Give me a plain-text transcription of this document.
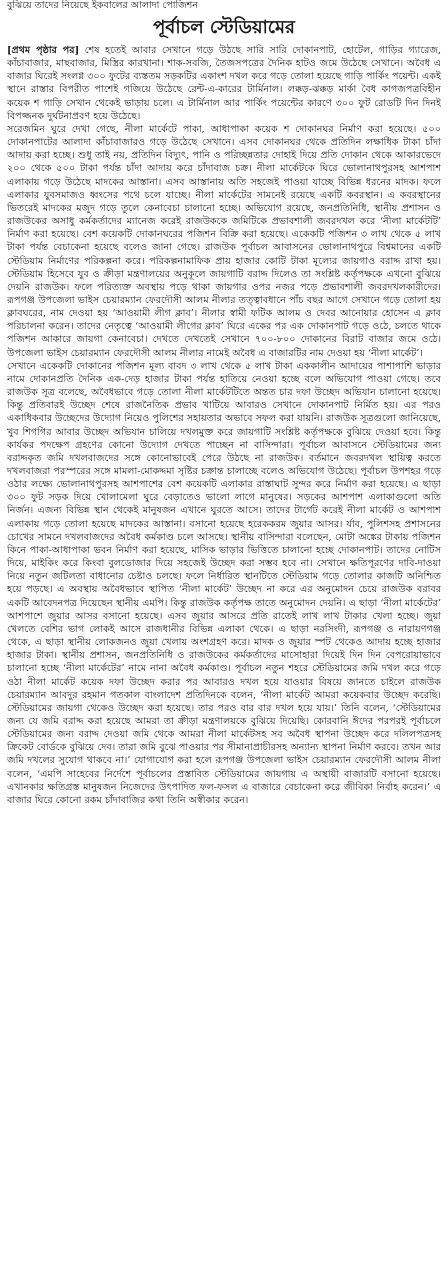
বুঝিয়ে তাদের নিয়েছে ইকবালের আলাদা পোজিশন
পূর্বাচল স্টেডিয়ামের

[প্রথম পৃষ্ঠার পর] শেষ হতেই আবার সেখানে গড়ে উঠছে সারি সারি দোকানপাট, হোটেল, গাড়ির গ্যারেজ, কাঁচাবাজার, মাছবাজার, মিস্ত্রির কারখানা। শাক-সবজি, তৈজসপত্রের দৈনিক হাটও জমে উঠেছে সেখানে। অবৈধ এ বাজার ঘিরেই সংলগ্ন ৩০০ ফুটের ব্যস্ততম সড়কটির একাংশ দখল করে গড়ে তোলা হয়েছে গাড়ি পার্কিং পয়েন্ট। একই স্থানে রাস্তার বিপরীত পাশেই গজিয়ে উঠেছে রেন্ট-এ-কারের টার্মিনাল। লক্কড়-ঝক্কড় মার্কা বৈধ কাগজপত্রবিহীন কয়েক শ গাড়ি সেখান থেকেই ভাড়ায় চলে। এ টার্মিনাল আর পার্কিং পয়েন্টের কারণে ৩০০ ফুট রোডটি দিন দিনই বিপজ্জনক দুর্ঘটনাপ্রবণ হয়ে উঠেছে।

সরেজমিন ঘুরে দেখা গেছে, নীলা মার্কেটে পাকা, আধাপাকা কয়েক শ দোকানঘর নির্মাণ করা হয়েছে। ৫০০ দোকানপাটের আলাদা কাঁচাবাজারও গড়ে উঠেছে সেখানে। এসব দোকানঘর থেকে প্রতিদিন লক্ষাধিক টাকা চাঁদা আদায় করা হচ্ছে। শুধু তাই নয়, প্রতিদিন বিদ্যুৎ, পানি ও পরিচ্ছন্নতার দোহাই দিয়ে প্রতি দোকান থেকে আকারভেদে ২০০ থেকে ৫০০ টাকা পর্যন্ত চাঁদা আদায় করে চাঁদাবাজ চক্র। নীলা মার্কেটকে ঘিরে ভোলানাথপুরসহ আশপাশ এলাকায় গড়ে উঠেছে মাদকের আস্তানা। এসব আস্তানায় অতি সহজেই পাওয়া যাচ্ছে বিভিন্ন ধরনের মাদক। ফলে এলাকার যুবসমাজও ধ্বংসের পথে চলে যাচ্ছে। নীলা মার্কেটের সামনেই রয়েছে একটি কবরস্থান। এ কবরস্থানের ভিতরেই মাদকের মজুদ গড়ে তুলে কেনাবেচা চালানো হচ্ছে। অভিযোগ রয়েছে, জনপ্রতিনিধি, স্থানীয় প্রশাসন ও রাজউকের অসাধু কর্মকর্তাদের ম্যানেজ করেই রাজউককে জমিটিকে প্রভাবশালী জবরদখল করে ‘নীলা মার্কেটটি’ নির্মাণ করা হয়েছে। বেশ কয়েকটি দোকানঘরের পজিশন বিক্রি করা হয়েছে। একেকটি পজিশন ৩ লাখ থেকে ৫ লাখ টাকা পর্যন্ত বেচাকেনা হয়েছে বলেও জানা গেছে। রাজউক পূর্বাচল আবাসনের ভোলানাথপুরে বিশ্বমানের একটি স্টেডিয়াম নির্মাণের পরিকল্পনা করে। পরিকল্পনামাফিক প্রায় হাজার কোটি টাকা মূল্যের জায়গাও বরাদ্দ রাখা হয়। স্টেডিয়াম হিসেবে যুব ও ক্রীড়া মন্ত্রণালয়ের অনুকূলে জায়গাটি বরাদ্দ দিলেও তা সংশ্লিষ্ট কর্তৃপক্ষকে এখনো বুঝিয়ে দেয়নি রাজউক। ফলে পরিত্যক্ত অবস্থায় পড়ে থাকা জায়গার ওপর নজর পড়ে প্রভাবশালী জবরদখলকারীদের। রূপগঞ্জ উপজেলা ভাইস চেয়ারম্যান ফেরদৌসী আলম নীলার তত্ত্বাবধানে পাঁচ বছর আগে সেখানে গড়ে তোলা হয় ক্লাবঘরের, নাম দেওয়া হয় ‘আওয়ামী লীগ ক্লাব’। নীলার স্বামী ফটিক আলম ও দেবর আনোয়ার হোসেন এ ক্লাব পরিচালনা করেন। তাদের নেতৃত্বে ‘আওয়ামী লীগের ক্লাব’ ঘিরে একের পর এক দোকানপাট গড়ে ওঠে, চলতে থাকে পজিশন আকারে জায়গা কেনাবেচা। দেখতে দেখতেই সেখানে ৭০০-৮০০ দোকানের বিরাট বাজার জমে ওঠে। উপজেলা ভাইস চেয়ারম্যান ফেরদৌসী আলম নীলার নামেই অবৈধ এ বাজারটির নাম দেওয়া হয় ‘নীলা মার্কেট’।

সেখানে একেকটি দোকানের পজিশন মূল্য বাবদ ৩ লাখ থেকে ৫ লাখ টাকা এককালীন আদায়ের পাশাপাশি ভাড়ার নামে দোকানপ্রতি দৈনিক এক-দেড় হাজার টাকা পর্যন্ত হাতিয়ে নেওয়া হচ্ছে বলে অভিযোগ পাওয়া গেছে। তবে রাজউক সূত্র বলেছে, অবৈধভাবে গড়ে তোলা নীলা মার্কেটটিতে অন্তত চার দফা উচ্ছেদ অভিযান চালানো হয়েছে। কিন্তু প্রতিবারই উচ্ছেদ শেষে রাজনৈতিক প্রভাব খাটিয়ে আবারও সেখানে দোকানপাট নির্মিত হয়। এর পরও একাধিকবার উচ্ছেদের উদ্যোগ নিয়েও পুলিশের সহায়তার অভাবে সফল করা যায়নি। রাজউক সূত্রগুলো জানিয়েছে, খুব শিগগির আবার উচ্ছেদ অভিযান চালিয়ে দখলমুক্ত করে জায়গাটি সংশ্লিষ্ট কর্তৃপক্ষকে বুঝিয়ে দেওয়া হবে। কিন্তু কার্যকর পদক্ষেপ গ্রহণের কোনো উদ্যোগ দেখতে পাচ্ছেন না বাসিন্দারা। পূর্বাচল আবাসনে স্টেডিয়ামের জন্য বরাদ্দকৃত জমি দখলবাজদের সঙ্গে কোনোভাবেই পেরে উঠছে না রাজউক। বর্তমানে জবরদখল স্থায়িত্ব করতে দখলবাজরা পরস্পরের সঙ্গে মামলা-মোকদ্দমা সৃষ্টির চক্রান্ত চালাচ্ছে বলেও অভিযোগ উঠেছে। পূর্বাচল উপশহর গড়ে ওঠার লক্ষ্যে ভোলানাথপুরসহ আশপাশের বেশ কয়েকটি এলাকার রাস্তাঘাট সুন্দর করে নির্মাণ করা হয়েছে। এ ছাড়া ৩০০ ফুট সড়ক দিয়ে খোলামেলা ঘুরে বেড়াতেও ভালো লাগে মানুষের। সড়কের আশপাশ এলাকাগুলো অতি নির্জন। এজন্য বিভিন্ন স্থান থেকেই মানুষজন এখানে ঘুরতে আসে। তাদের টার্গেট করেই নীলা মার্কেট ও আশপাশ এলাকায় গড়ে তোলা হয়েছে মাদকের আস্তানা। বসানো হয়েছে হরেককরম জুয়ার আসর। র্যাব, পুলিশসহ প্রশাসনের চোখের সামনে দখলবাজদের অবৈধ কর্মকাণ্ড চলে আসছে। স্থানীয় বাসিন্দারা বলেছেন, মোটা অঙ্কের টাকায় পজিশন কিনে পাকা-আধাপাকা ভবন নির্মাণ করা হয়েছে, মাসিক ভাড়ার ভিত্তিতে চালানো হচ্ছে দোকানপাট। তাদের নোটিস দিয়ে, মাইকিং করে কিংবা বুলডোজার দিয়ে সহজেই উচ্ছেদ করা সম্ভব হবে না। সেখানে ক্ষতিপূরণের দাবি-দাওয়া নিয়ে নতুন জটিলতা বাধানোর চেষ্টাও চলছে। ফলে নির্ধারিত স্থানটিতে স্টেডিয়াম গড়ে তোলার কাজটি অনিশ্চিত হয়ে পড়ছে। এ অবস্থায় অবৈধভাবে স্থাপিত ‘নীলা মার্কেট’ উচ্ছেদ না করে এর অনুমোদন চেয়ে রাজউক বরাবর একটি আবেদনপত্র দিয়েছেন স্থানীয় এমপি। কিন্তু রাজউক কর্তৃপক্ষ তাতে অনুমোদন দেয়নি। এ ছাড়া ‘নীলা মার্কেটের’ আশপাশে জুয়ার আসর বসানো হয়েছে। এসব জুয়ার আসরে প্রতি রাতেই লাখ লাখ টাকার খেলা হচ্ছে। জুয়া খেলতে বেশির ভাগ লোকই আসে রাজধানীর বিভিন্ন এলাকা থেকে। এ ছাড়া নরসিংদী, রূপগঞ্জ ও নারায়ণগঞ্জ থেকে, এ ছাড়া স্থানীয় লোকজনও জুয়া খেলায় অংশগ্রহণ করে। মাদক ও জুয়ার স্পট থেকেও আদায় হচ্ছে হাজার হাজার টাকা। স্থানীয় প্রশাসন, জনপ্রতিনিধি ও রাজউকের কর্মকর্তাদের মাসোহারা দিয়েই দিন দিন বেপরোয়াভাবে চালানো হচ্ছে ‘নীলা মার্কেটের’ নামে নানা অবৈধ কর্মকাণ্ড। পূর্বাচল নতুন শহরে স্টেডিয়ামের জমি দখল করে গড়ে ওঠা নীলা মার্কেট কয়েক দফা উচ্ছেদ করার পর আবারও দখল হয়ে যাওয়ার বিষয়ে জানতে চাইলে রাজউক চেয়ারম্যান আবদুর রহমান গতকাল বাংলাদেশ প্রতিদিনকে বলেন, ‘নীলা মার্কেট আমরা কয়েকবার উচ্ছেদ করেছি। স্টেডিয়ামের জায়গা থেকেও উচ্ছেদ করা হয়েছে। তার পরও বার বার দখল হয়ে যায়।’ তিনি বলেন, ‘স্টেডিয়ামের জন্য যে জমি বরাদ্দ করা হয়েছে আমরা তা ক্রীড়া মন্ত্রণালয়কে বুঝিয়ে দিয়েছি। কোরবানি ঈদের পরপরই পূর্বাচলে স্টেডিয়ামের জন্য বরাদ্দ দেওয়া জমি থেকে আমরা নীলা মার্কেটসহ সব অবৈধ স্থাপনা উচ্ছেদ করে দলিলপত্রসহ ক্রিকেট বোর্ডকে বুঝিয়ে দেব। তারা জমি বুঝে পাওয়ার পর সীমানাপ্রাচীরসহ অন্যান্য স্থাপনা নির্মাণ করবে। তখন আর জমি দখলের সুযোগ থাকবে না।’ যোগাযোগ করা হলে রূপগঞ্জ উপজেলা ভাইস চেয়ারম্যান ফেরদৌসী আলম নীলা বলেন, ‘এমপি সাহেবের নির্দেশে পূর্বাচলের প্রস্তাবিত স্টেডিয়ামের জায়গায় এ অস্থায়ী বাজারটি বসানো হয়েছে। এখানকার ক্ষতিগ্রস্ত মানুষজন নিজেদের উৎপাদিত ফল-ফসল এ বাজারে বেচাকেনা করে জীবিকা নির্বাহ করেন।’ এ বাজার ঘিরে কোনো রকম চাঁদাবাজির কথা তিনি অস্বীকার করেন।
